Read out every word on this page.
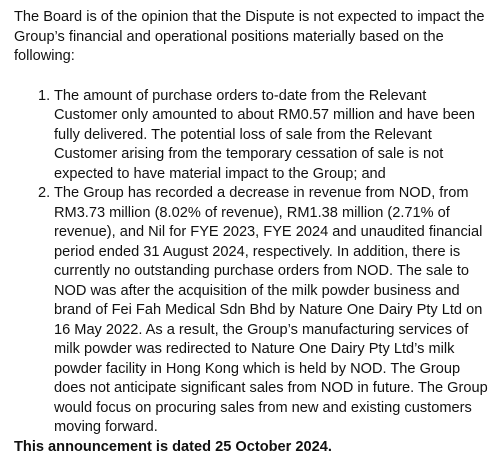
The Board is of the opinion that the Dispute is not expected to impact the Group’s financial and operational positions materially based on the following:

1. The amount of purchase orders to-date from the Relevant Customer only amounted to about RM0.57 million and have been fully delivered. The potential loss of sale from the Relevant Customer arising from the temporary cessation of sale is not expected to have material impact to the Group; and
2. The Group has recorded a decrease in revenue from NOD, from RM3.73 million (8.02% of revenue), RM1.38 million (2.71% of revenue), and Nil for FYE 2023, FYE 2024 and unaudited financial period ended 31 August 2024, respectively. In addition, there is currently no outstanding purchase orders from NOD. The sale to NOD was after the acquisition of the milk powder business and brand of Fei Fah Medical Sdn Bhd by Nature One Dairy Pty Ltd on 16 May 2022. As a result, the Group’s manufacturing services of milk powder was redirected to Nature One Dairy Pty Ltd’s milk powder facility in Hong Kong which is held by NOD. The Group does not anticipate significant sales from NOD in future. The Group would focus on procuring sales from new and existing customers moving forward.
This announcement is dated 25 October 2024.
